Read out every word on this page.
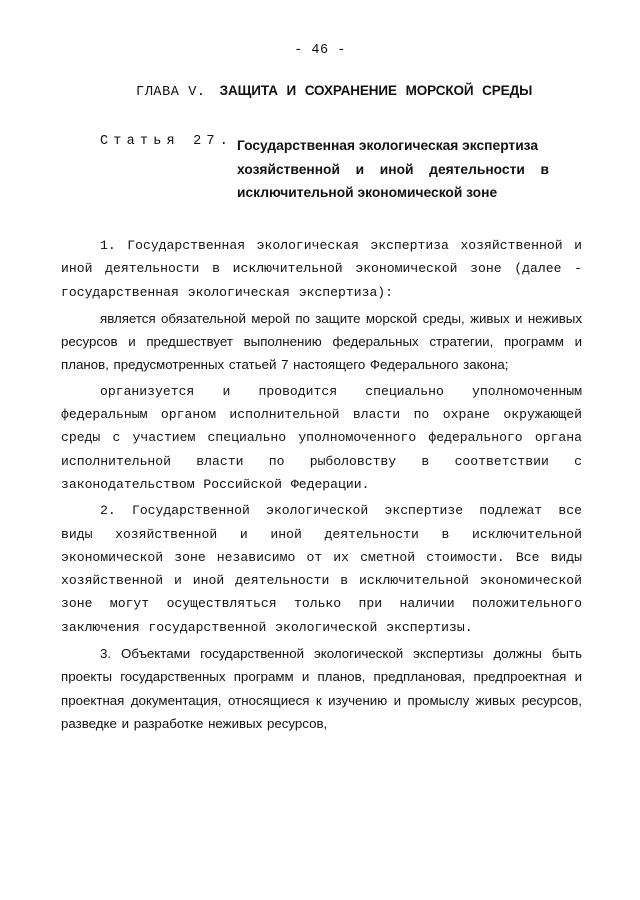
- 46 -
ГЛАВА V. ЗАЩИТА И СОХРАНЕНИЕ МОРСКОЙ СРЕДЫ
Статья 27. Государственная экологическая экспертиза
хозяйственной и иной деятельности в
исключительной экономической зоне

1. Государственная экологическая экспертиза хозяйственной и иной деятельности в исключительной экономической зоне (далее - государственная экологическая экспертиза):

является обязательной мерой по защите морской среды, живых и неживых ресурсов и предшествует выполнению федеральных стратегии, программ и планов, предусмотренных статьей 7 настоящего Федерального закона;

организуется и проводится специально уполномоченным федеральным органом исполнительной власти по охране окружающей среды с участием специально уполномоченного федерального органа исполнительной власти по рыболовству в соответствии с законодательством Российской Федерации.

2. Государственной экологической экспертизе подлежат все виды хозяйственной и иной деятельности в исключительной экономической зоне независимо от их сметной стоимости. Все виды хозяйственной и иной деятельности в исключительной экономической зоне могут осуществляться только при наличии положительного заключения государственной экологической экспертизы.

3. Объектами государственной экологической экспертизы должны быть проекты государственных программ и планов, предплановая, предпроектная и проектная документация, относящиеся к изучению и промыслу живых ресурсов, разведке и разработке неживых ресурсов,
